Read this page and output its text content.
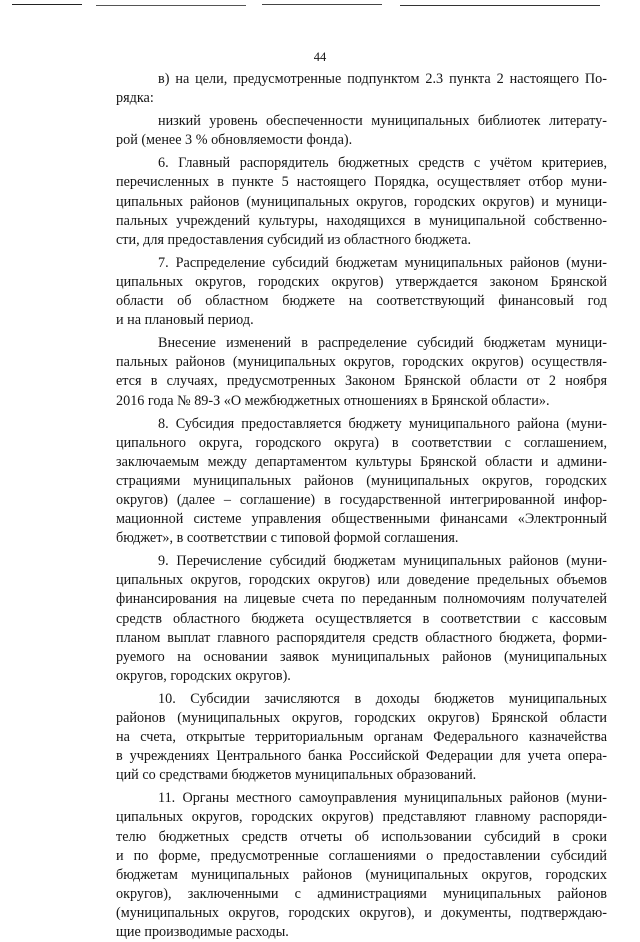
44
в) на цели, предусмотренные подпунктом 2.3 пункта 2 настоящего По-
рядка:
низкий уровень обеспеченности муниципальных библиотек литерату-
рой (менее 3 % обновляемости фонда).
6. Главный распорядитель бюджетных средств с учётом критериев,
перечисленных в пункте 5 настоящего Порядка, осуществляет отбор муни-
ципальных районов (муниципальных округов, городских округов) и муници-
пальных учреждений культуры, находящихся в муниципальной собственно-
сти, для предоставления субсидий из областного бюджета.
7. Распределение субсидий бюджетам муниципальных районов (муни-
ципальных округов, городских округов) утверждается законом Брянской
области об областном бюджете на соответствующий финансовый год
и на плановый период.
Внесение изменений в распределение субсидий бюджетам муници-
пальных районов (муниципальных округов, городских округов) осуществля-
ется в случаях, предусмотренных Законом Брянской области от 2 ноября
2016 года № 89-З «О межбюджетных отношениях в Брянской области».
8. Субсидия предоставляется бюджету муниципального района (муни-
ципального округа, городского округа) в соответствии с соглашением,
заключаемым между департаментом культуры Брянской области и админи-
страциями муниципальных районов (муниципальных округов, городских
округов) (далее – соглашение) в государственной интегрированной инфор-
мационной системе управления общественными финансами «Электронный
бюджет», в соответствии с типовой формой соглашения.
9. Перечисление субсидий бюджетам муниципальных районов (муни-
ципальных округов, городских округов) или доведение предельных объемов
финансирования на лицевые счета по переданным полномочиям получателей
средств областного бюджета осуществляется в соответствии с кассовым
планом выплат главного распорядителя средств областного бюджета, форми-
руемого на основании заявок муниципальных районов (муниципальных
округов, городских округов).
10. Субсидии зачисляются в доходы бюджетов муниципальных
районов (муниципальных округов, городских округов) Брянской области
на счета, открытые территориальным органам Федерального казначейства
в учреждениях Центрального банка Российской Федерации для учета опера-
ций со средствами бюджетов муниципальных образований.
11. Органы местного самоуправления муниципальных районов (муни-
ципальных округов, городских округов) представляют главному распоряди-
телю бюджетных средств отчеты об использовании субсидий в сроки
и по форме, предусмотренные соглашениями о предоставлении субсидий
бюджетам муниципальных районов (муниципальных округов, городских
округов), заключенными с администрациями муниципальных районов
(муниципальных округов, городских округов), и документы, подтверждаю-
щие производимые расходы.
